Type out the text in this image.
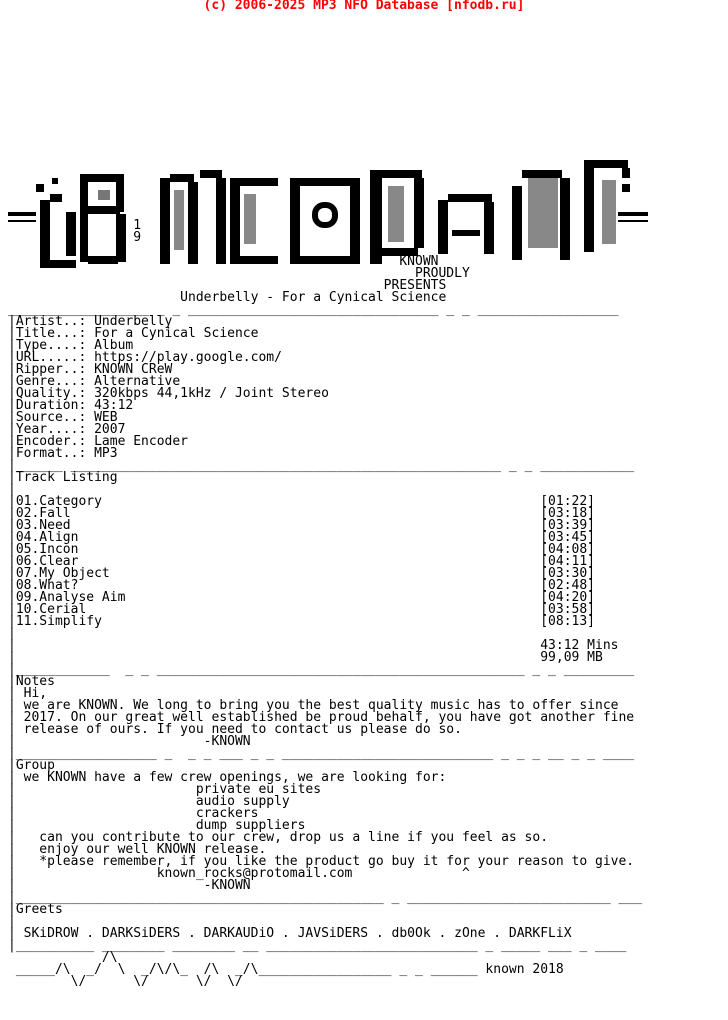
(c) 2006-2025 MP3 NFO Database [nfodb.ru]
1
9
KNOWN
PROUDLY
PRESENTS
Underbelly - For a Cynical Science
__________________ _ _ ________________________________ _ _ __________________
|Artist..: Underbelly
|Title...: For a Cynical Science
|Type....: Album
|URL.....: https://play.google.com/
|Ripper..: KNOWN CReW
|Genre...: Alternative
|Quality.: 320kbps 44,1kHz / Joint Stereo
|Duration: 43:12
|Source..: WEB
|Year....: 2007
|Encoder.: Lame Encoder
|Format..: MP3
|______ _______________________________________________________ _ _ ____________
|Track Listing
|
|01.Category                                                        [01:22]
|02.Fall                                                            [03:18]
|03.Need                                                            [03:39]
|04.Align                                                           [03:45]
|05.Incon                                                           [04:08]
|06.Clear                                                           [04:11]
|07.My Object                                                       [03:30]
|08.What?                                                           [02:48]
|09.Analyse Aim                                                     [04:20]
|10.Cerial                                                          [03:58]
|11.Simplify                                                        [08:13]
|
|                                                                   43:12 Mins
|                                                                   99,09 MB
|____________  _ _ _______________________________________________ _ _ _________
|Notes
| Hi,
| we are KNOWN. We long to bring you the best quality music has to offer since
| 2017. On our great well established be proud behalf, you have got another fine
| release of ours. If you need to contact us please do so.
|                        -KNOWN
|__________________ _  _ _ ___ _ _ ___________________________ _ _ _ __ _ _ ____
|Group
| we KNOWN have a few crew openings, we are looking for:
|                       private eu sites
|                       audio supply
|                       crackers
|                       dump suppliers
|   can you contribute to our crew, drop us a line if you feel as so.
|   enjoy our well KNOWN release.
|   *please remember, if you like the product go buy it for your reason to give.
|                  known_rocks@protomail.com              ^
|                        -KNOWN
|_______________________________________________ _ __________________________ ___
|Greets
|
| SKiDROW . DARKSiDERS . DARKAUDiO . JAVSiDERS . db0Ok . zOne . DARKFLiX
|__________ ________ ________ __ ___________________________ _ _____ ___ _ ____
/\
_____/\  _/  \  _/\/\_  /\  _/\_________________ _ _ ______ known 2018
\/      \/      \/  \/
